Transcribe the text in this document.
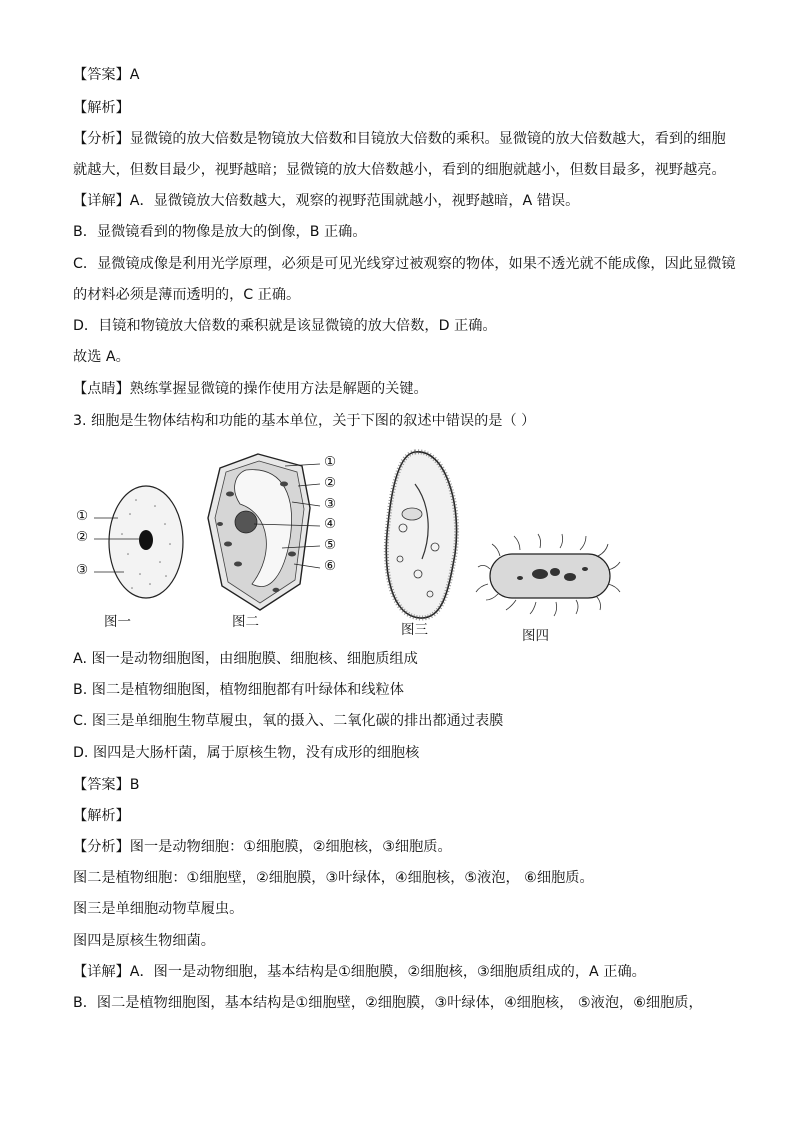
【答案】A
【解析】
【分析】显微镜的放大倍数是物镜放大倍数和目镜放大倍数的乘积。显微镜的放大倍数越大，看到的细胞
就越大，但数目最少，视野越暗；显微镜的放大倍数越小，看到的细胞就越小，但数目最多，视野越亮。
【详解】A．显微镜放大倍数越大，观察的视野范围就越小，视野越暗，A 错误。
B．显微镜看到的物像是放大的倒像，B 正确。
C．显微镜成像是利用光学原理，必须是可见光线穿过被观察的物体，如果不透光就不能成像，因此显微镜
的材料必须是薄而透明的，C 正确。
D．目镜和物镜放大倍数的乘积就是该显微镜的放大倍数，D 正确。
故选 A。
【点睛】熟练掌握显微镜的操作使用方法是解题的关键。
3. 细胞是生物体结构和功能的基本单位，关于下图的叙述中错误的是（ ）
①
②
③
①
②
③
④
⑤
⑥
图一	图二	图三	图四
A. 图一是动物细胞图，由细胞膜、细胞核、细胞质组成
B. 图二是植物细胞图，植物细胞都有叶绿体和线粒体
C. 图三是单细胞生物草履虫，氧的摄入、二氧化碳的排出都通过表膜
D. 图四是大肠杆菌，属于原核生物，没有成形的细胞核
【答案】B
【解析】
【分析】图一是动物细胞：①细胞膜，②细胞核，③细胞质。
图二是植物细胞：①细胞壁，②细胞膜，③叶绿体，④细胞核，⑤液泡， ⑥细胞质。
图三是单细胞动物草履虫。
图四是原核生物细菌。
【详解】A．图一是动物细胞，基本结构是①细胞膜，②细胞核，③细胞质组成的，A 正确。
B．图二是植物细胞图，基本结构是①细胞壁，②细胞膜，③叶绿体，④细胞核， ⑤液泡，⑥细胞质，
